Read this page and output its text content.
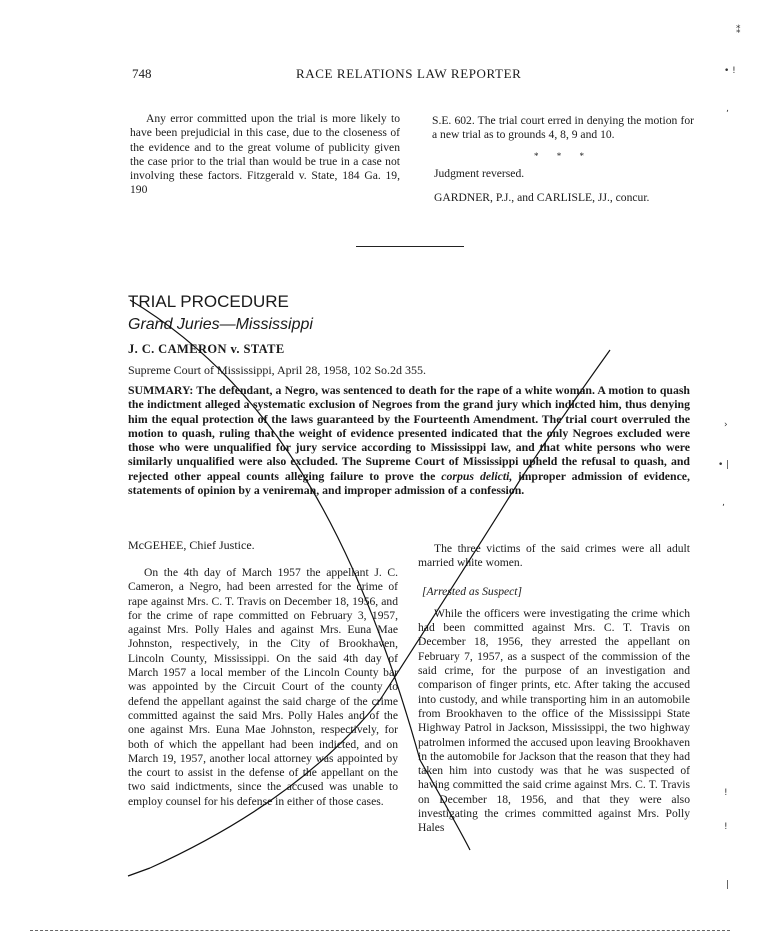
748	RACE RELATIONS LAW REPORTER

Any error committed upon the trial is more likely to have been prejudicial in this case, due to the closeness of the evidence and to the great volume of publicity given the case prior to the trial than would be true in a case not involving these factors. Fitzgerald v. State, 184 Ga. 19, 190

S.E. 602. The trial court erred in denying the motion for a new trial as to grounds 4, 8, 9 and 10.

* * *

Judgment reversed.

GARDNER, P.J., and CARLISLE, JJ., concur.

TRIAL PROCEDURE
Grand Juries—Mississippi
J. C. CAMERON v. STATE
Supreme Court of Mississippi, April 28, 1958, 102 So.2d 355.
SUMMARY: The defendant, a Negro, was sentenced to death for the rape of a white woman. A motion to quash the indictment alleged a systematic exclusion of Negroes from the grand jury which indicted him, thus denying him the equal protection of the laws guaranteed by the Fourteenth Amendment. The trial court overruled the motion to quash, ruling that the weight of evidence presented indicated that the only Negroes excluded were those who were unqualified for jury service according to Mississippi law, and that white persons who were similarly unqualified were also excluded. The Supreme Court of Mississippi upheld the refusal to quash, and rejected other appeal counts alleging failure to prove the corpus delicti, improper admission of evidence, statements of opinion by a venireman, and improper admission of a confession.
McGEHEE, Chief Justice.

On the 4th day of March 1957 the appellant J. C. Cameron, a Negro, had been arrested for the crime of rape against Mrs. C. T. Travis on December 18, 1956, and for the crime of rape committed on February 3, 1957, against Mrs. Polly Hales and against Mrs. Euna Mae Johnston, respectively, in the City of Brookhaven, Lincoln County, Mississippi. On the said 4th day of March 1957 a local member of the Lincoln County bar was appointed by the Circuit Court of the county to defend the appellant against the said charge of the crime committed against the said Mrs. Polly Hales and of the one against Mrs. Euna Mae Johnston, respectively, for both of which the appellant had been indicted, and on March 19, 1957, another local attorney was appointed by the court to assist in the defense of the appellant on the two said indictments, since the accused was unable to employ counsel for his defense in either of those cases.

The three victims of the said crimes were all adult married white women.

[Arrested as Suspect]

While the officers were investigating the crime which had been committed against Mrs. C. T. Travis on December 18, 1956, they arrested the appellant on February 7, 1957, as a suspect of the commission of the said crime, for the purpose of an investigation and comparison of finger prints, etc. After taking the accused into custody, and while transporting him in an automobile from Brookhaven to the office of the Mississippi State Highway Patrol in Jackson, Mississippi, the two highway patrolmen informed the accused upon leaving Brookhaven in the automobile for Jackson that the reason that they had taken him into custody was that he was suspected of having committed the said crime against Mrs. C. T. Travis on December 18, 1956, and that they were also investigating the crimes committed against Mrs. Polly Hales

⁑
• !
‚
›
• |
‚
!
!
|
